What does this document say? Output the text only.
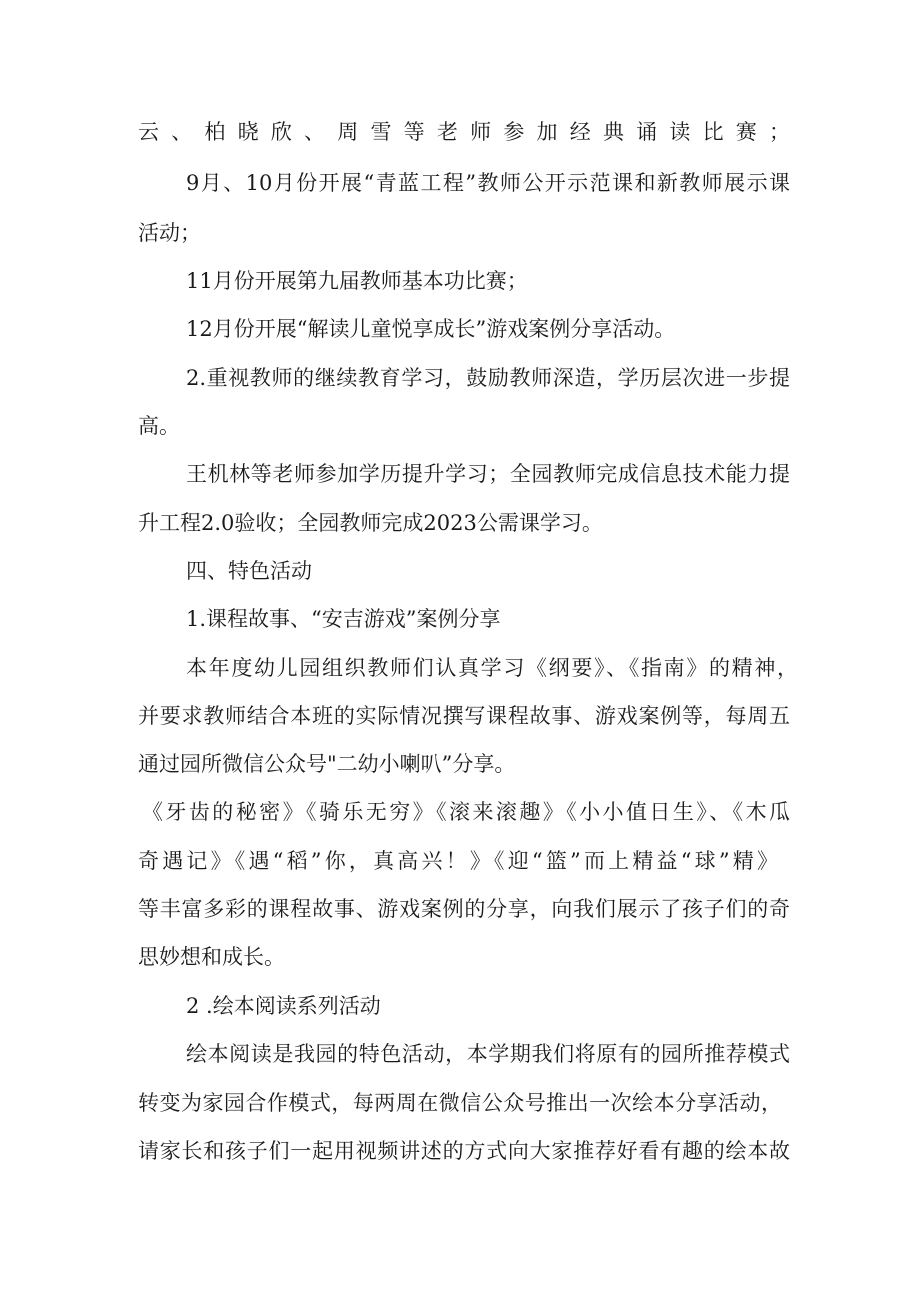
云、柏晓欣、周雪等老师参加经典诵读比赛；
9月、10月份开展“青蓝工程”教师公开示范课和新教师展示课
活动；
11月份开展第九届教师基本功比赛；
12月份开展“解读儿童悦享成长”游戏案例分享活动。
2.重视教师的继续教育学习，鼓励教师深造，学历层次进一步提
高。
王机林等老师参加学历提升学习；全园教师完成信息技术能力提
升工程2.0验收；全园教师完成2023公需课学习。
四、特色活动
1.课程故事、“安吉游戏”案例分享
本年度幼儿园组织教师们认真学习《纲要》、《指南》的精神，
并要求教师结合本班的实际情况撰写课程故事、游戏案例等，每周五
通过园所微信公众号"二幼小喇叭”分享。
《牙齿的秘密》《骑乐无穷》《滚来滚趣》《小小值日生》、《木瓜
奇遇记》《遇“稻”你，真高兴！》《迎“篮”而上精益“球”精》
等丰富多彩的课程故事、游戏案例的分享，向我们展示了孩子们的奇
思妙想和成长。
2 .绘本阅读系列活动
绘本阅读是我园的特色活动，本学期我们将原有的园所推荐模式
转变为家园合作模式，每两周在微信公众号推出一次绘本分享活动，
请家长和孩子们一起用视频讲述的方式向大家推荐好看有趣的绘本故
